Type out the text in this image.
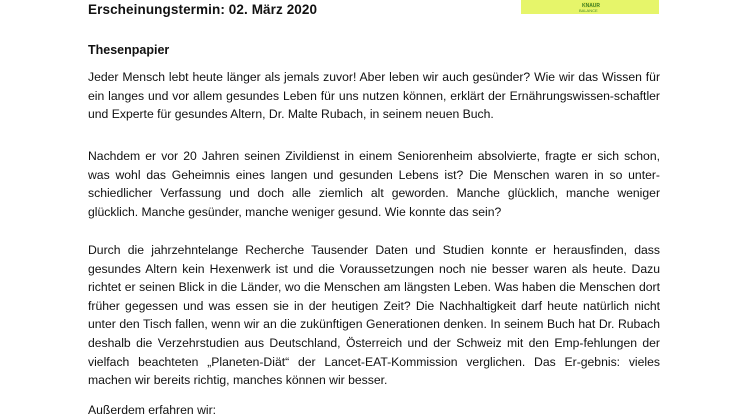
Erscheinungstermin: 02. März 2020	KNAUR
BALANCE
Thesenpapier

Jeder Mensch lebt heute länger als jemals zuvor! Aber leben wir auch gesünder? Wie wir das Wissen für ein langes und vor allem gesundes Leben für uns nutzen können, erklärt der Ernährungswissen-schaftler und Experte für gesundes Altern, Dr. Malte Rubach, in seinem neuen Buch.

Nachdem er vor 20 Jahren seinen Zivildienst in einem Seniorenheim absolvierte, fragte er sich schon, was wohl das Geheimnis eines langen und gesunden Lebens ist? Die Menschen waren in so unter-schiedlicher Verfassung und doch alle ziemlich alt geworden. Manche glücklich, manche weniger glücklich. Manche gesünder, manche weniger gesund. Wie konnte das sein?

Durch die jahrzehntelange Recherche Tausender Daten und Studien konnte er herausfinden, dass gesundes Altern kein Hexenwerk ist und die Voraussetzungen noch nie besser waren als heute. Dazu richtet er seinen Blick in die Länder, wo die Menschen am längsten Leben. Was haben die Menschen dort früher gegessen und was essen sie in der heutigen Zeit? Die Nachhaltigkeit darf heute natürlich nicht unter den Tisch fallen, wenn wir an die zukünftigen Generationen denken. In seinem Buch hat Dr. Rubach deshalb die Verzehrstudien aus Deutschland, Österreich und der Schweiz mit den Emp-fehlungen der vielfach beachteten „Planeten-Diät“ der Lancet-EAT-Kommission verglichen. Das Er-gebnis: vieles machen wir bereits richtig, manches können wir besser.

Außerdem erfahren wir:
